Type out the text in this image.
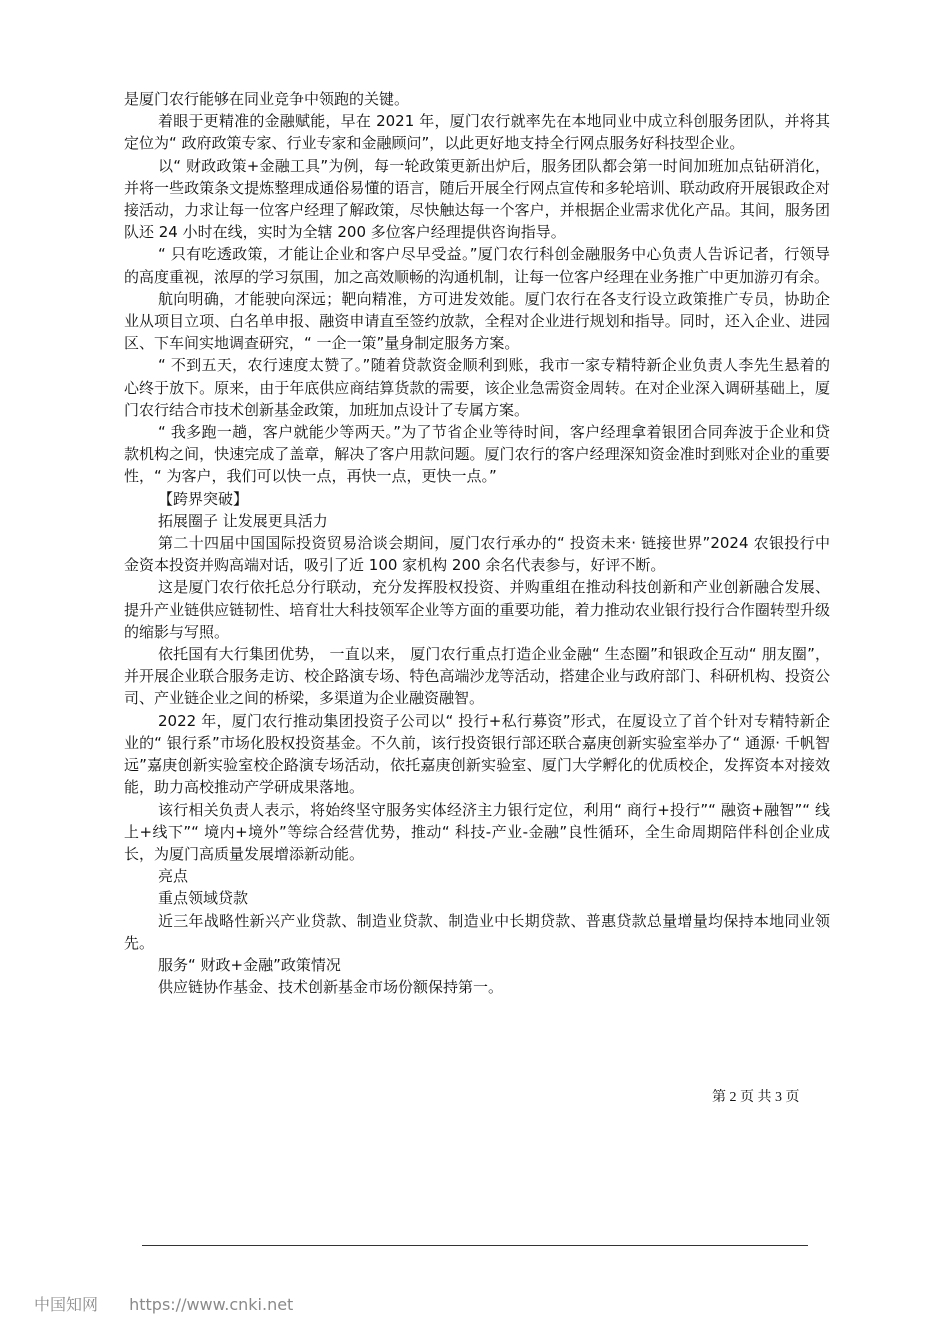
是厦门农行能够在同业竞争中领跑的关键。

着眼于更精准的金融赋能，早在 2021 年，厦门农行就率先在本地同业中成立科创服务团队，并将其定位为“ 政府政策专家、行业专家和金融顾问”，以此更好地支持全行网点服务好科技型企业。

以“ 财政政策+金融工具”为例，每一轮政策更新出炉后，服务团队都会第一时间加班加点钻研消化，并将一些政策条文提炼整理成通俗易懂的语言，随后开展全行网点宣传和多轮培训、联动政府开展银政企对接活动，力求让每一位客户经理了解政策，尽快触达每一个客户，并根据企业需求优化产品。其间，服务团队还 24 小时在线，实时为全辖 200 多位客户经理提供咨询指导。

“ 只有吃透政策，才能让企业和客户尽早受益。”厦门农行科创金融服务中心负责人告诉记者，行领导的高度重视，浓厚的学习氛围，加之高效顺畅的沟通机制，让每一位客户经理在业务推广中更加游刃有余。

航向明确，才能驶向深远；靶向精准，方可进发效能。厦门农行在各支行设立政策推广专员，协助企业从项目立项、白名单申报、融资申请直至签约放款，全程对企业进行规划和指导。同时，还入企业、进园区、下车间实地调查研究，“ 一企一策”量身制定服务方案。

“ 不到五天，农行速度太赞了。”随着贷款资金顺利到账，我市一家专精特新企业负责人李先生悬着的心终于放下。原来，由于年底供应商结算货款的需要，该企业急需资金周转。在对企业深入调研基础上，厦门农行结合市技术创新基金政策，加班加点设计了专属方案。

“ 我多跑一趟，客户就能少等两天。”为了节省企业等待时间，客户经理拿着银团合同奔波于企业和贷款机构之间，快速完成了盖章，解决了客户用款问题。厦门农行的客户经理深知资金准时到账对企业的重要性，“ 为客户，我们可以快一点，再快一点，更快一点。”

【跨界突破】

拓展圈子 让发展更具活力

第二十四届中国国际投资贸易洽谈会期间，厦门农行承办的“ 投资未来· 链接世界”2024 农银投行中金资本投资并购高端对话，吸引了近 100 家机构 200 余名代表参与，好评不断。

这是厦门农行依托总分行联动，充分发挥股权投资、并购重组在推动科技创新和产业创新融合发展、提升产业链供应链韧性、培育壮大科技领军企业等方面的重要功能，着力推动农业银行投行合作圈转型升级的缩影与写照。

依托国有大行集团优势， 一直以来， 厦门农行重点打造企业金融“ 生态圈”和银政企互动“ 朋友圈”，并开展企业联合服务走访、校企路演专场、特色高端沙龙等活动，搭建企业与政府部门、科研机构、投资公司、产业链企业之间的桥梁，多渠道为企业融资融智。

2022 年，厦门农行推动集团投资子公司以“ 投行+私行募资”形式，在厦设立了首个针对专精特新企业的“ 银行系”市场化股权投资基金。不久前，该行投资银行部还联合嘉庚创新实验室举办了“ 通源· 千帆智远”嘉庚创新实验室校企路演专场活动，依托嘉庚创新实验室、厦门大学孵化的优质校企，发挥资本对接效能，助力高校推动产学研成果落地。

该行相关负责人表示，将始终坚守服务实体经济主力银行定位，利用“ 商行+投行”“ 融资+融智”“ 线上+线下”“ 境内+境外”等综合经营优势，推动“ 科技-产业-金融”良性循环，全生命周期陪伴科创企业成长，为厦门高质量发展增添新动能。

亮点

重点领域贷款

近三年战略性新兴产业贷款、制造业贷款、制造业中长期贷款、普惠贷款总量增量均保持本地同业领先。

服务“ 财政+金融”政策情况

供应链协作基金、技术创新基金市场份额保持第一。

第 2 页 共 3 页
中国知网 https://www.cnki.net
